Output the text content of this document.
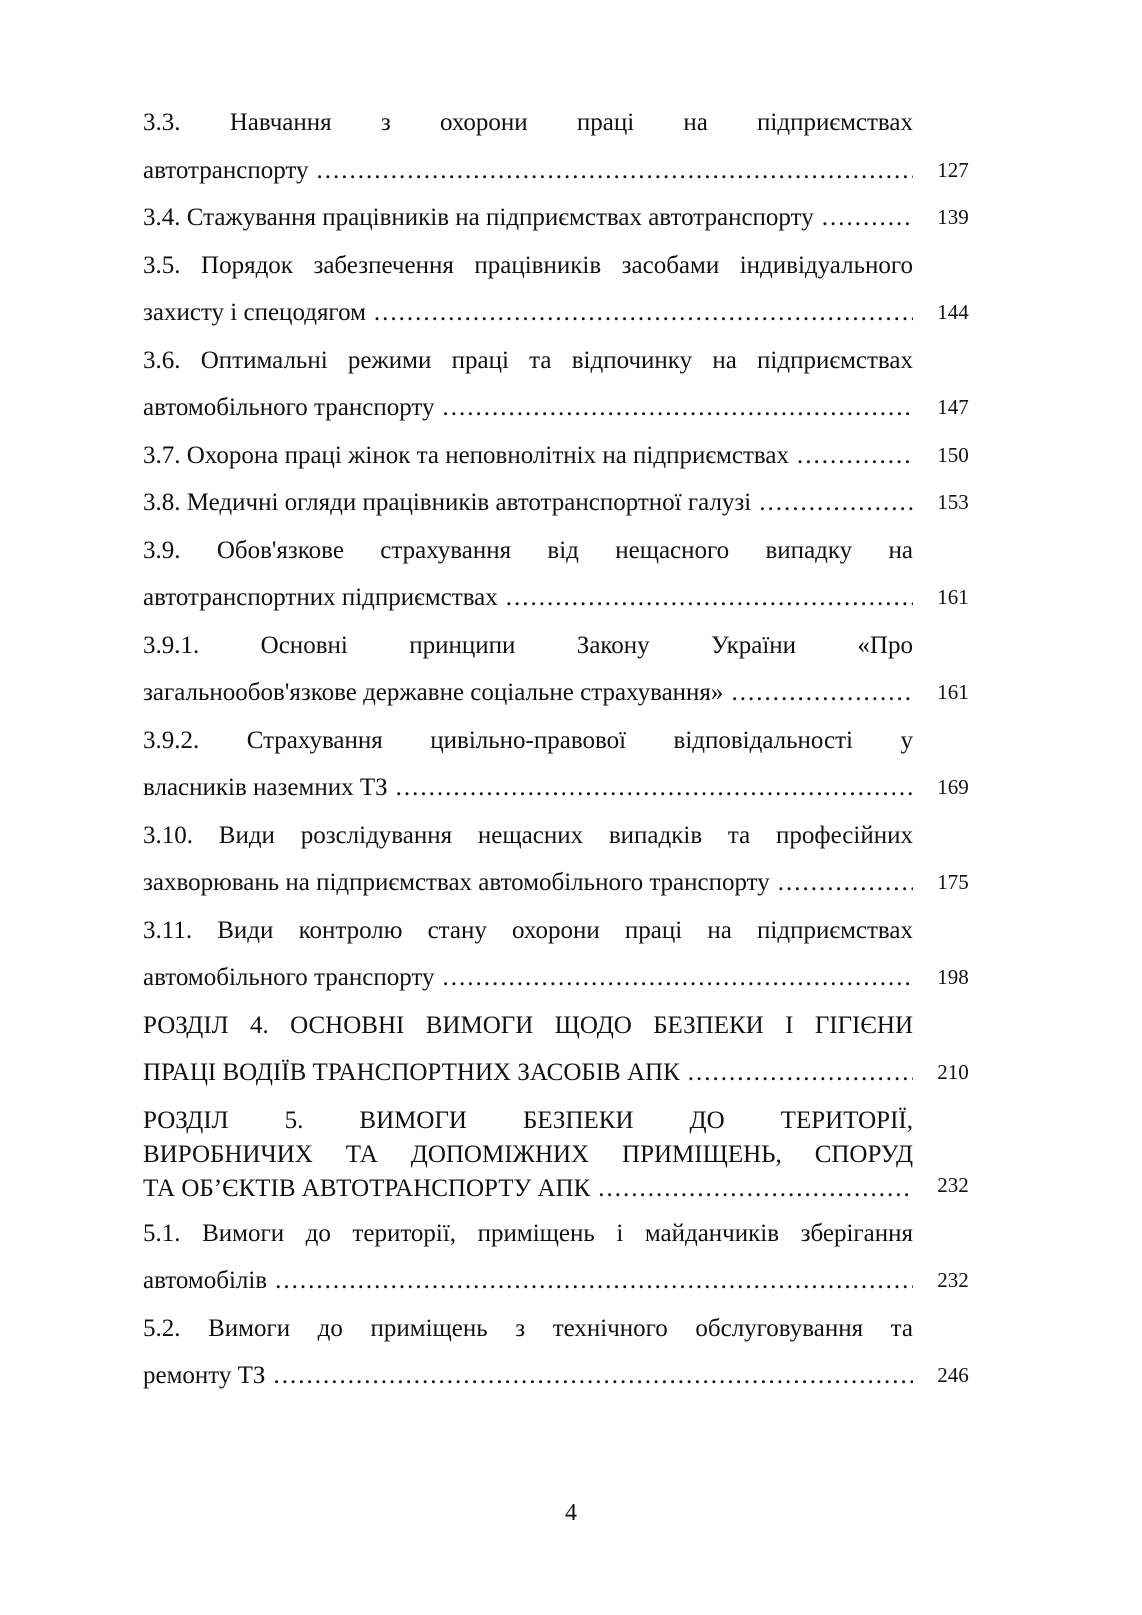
3.3. Навчання з охорони праці на підприємствах
автотранспорту .....	127
3.4. Стажування працівників на підприємствах автотранспорту .....	139
3.5. Порядок забезпечення працівників засобами індивідуального
захисту і спецодягом .....	144
3.6. Оптимальні режими праці та відпочинку на підприємствах
автомобільного транспорту .....	147
3.7. Охорона праці жінок та неповнолітніх на підприємствах .....	150
3.8. Медичні огляди працівників автотранспортної галузі .....	153
3.9. Обов'язкове страхування від нещасного випадку на
автотранспортних підприємствах .....	161
3.9.1. Основні принципи Закону України «Про
загальнообов'язкове державне соціальне страхування» .....	161
3.9.2. Страхування цивільно-правової відповідальності у
власників наземних ТЗ .....	169
3.10. Види розслідування нещасних випадків та професійних
захворювань на підприємствах автомобільного транспорту .....	175
3.11. Види контролю стану охорони праці на підприємствах
автомобільного транспорту .....	198
РОЗДІЛ 4. ОСНОВНІ ВИМОГИ ЩОДО БЕЗПЕКИ І ГІГІЄНИ
ПРАЦІ ВОДІЇВ ТРАНСПОРТНИХ ЗАСОБІВ АПК .....	210
РОЗДІЛ 5. ВИМОГИ БЕЗПЕКИ ДО ТЕРИТОРІЇ,
ВИРОБНИЧИХ ТА ДОПОМІЖНИХ ПРИМІЩЕНЬ, СПОРУД
ТА ОБ’ЄКТІВ АВТОТРАНСПОРТУ АПК .....	232
5.1. Вимоги до території, приміщень і майданчиків зберігання
автомобілів .....	232
5.2. Вимоги до приміщень з технічного обслуговування та
ремонту ТЗ .....	246
4
